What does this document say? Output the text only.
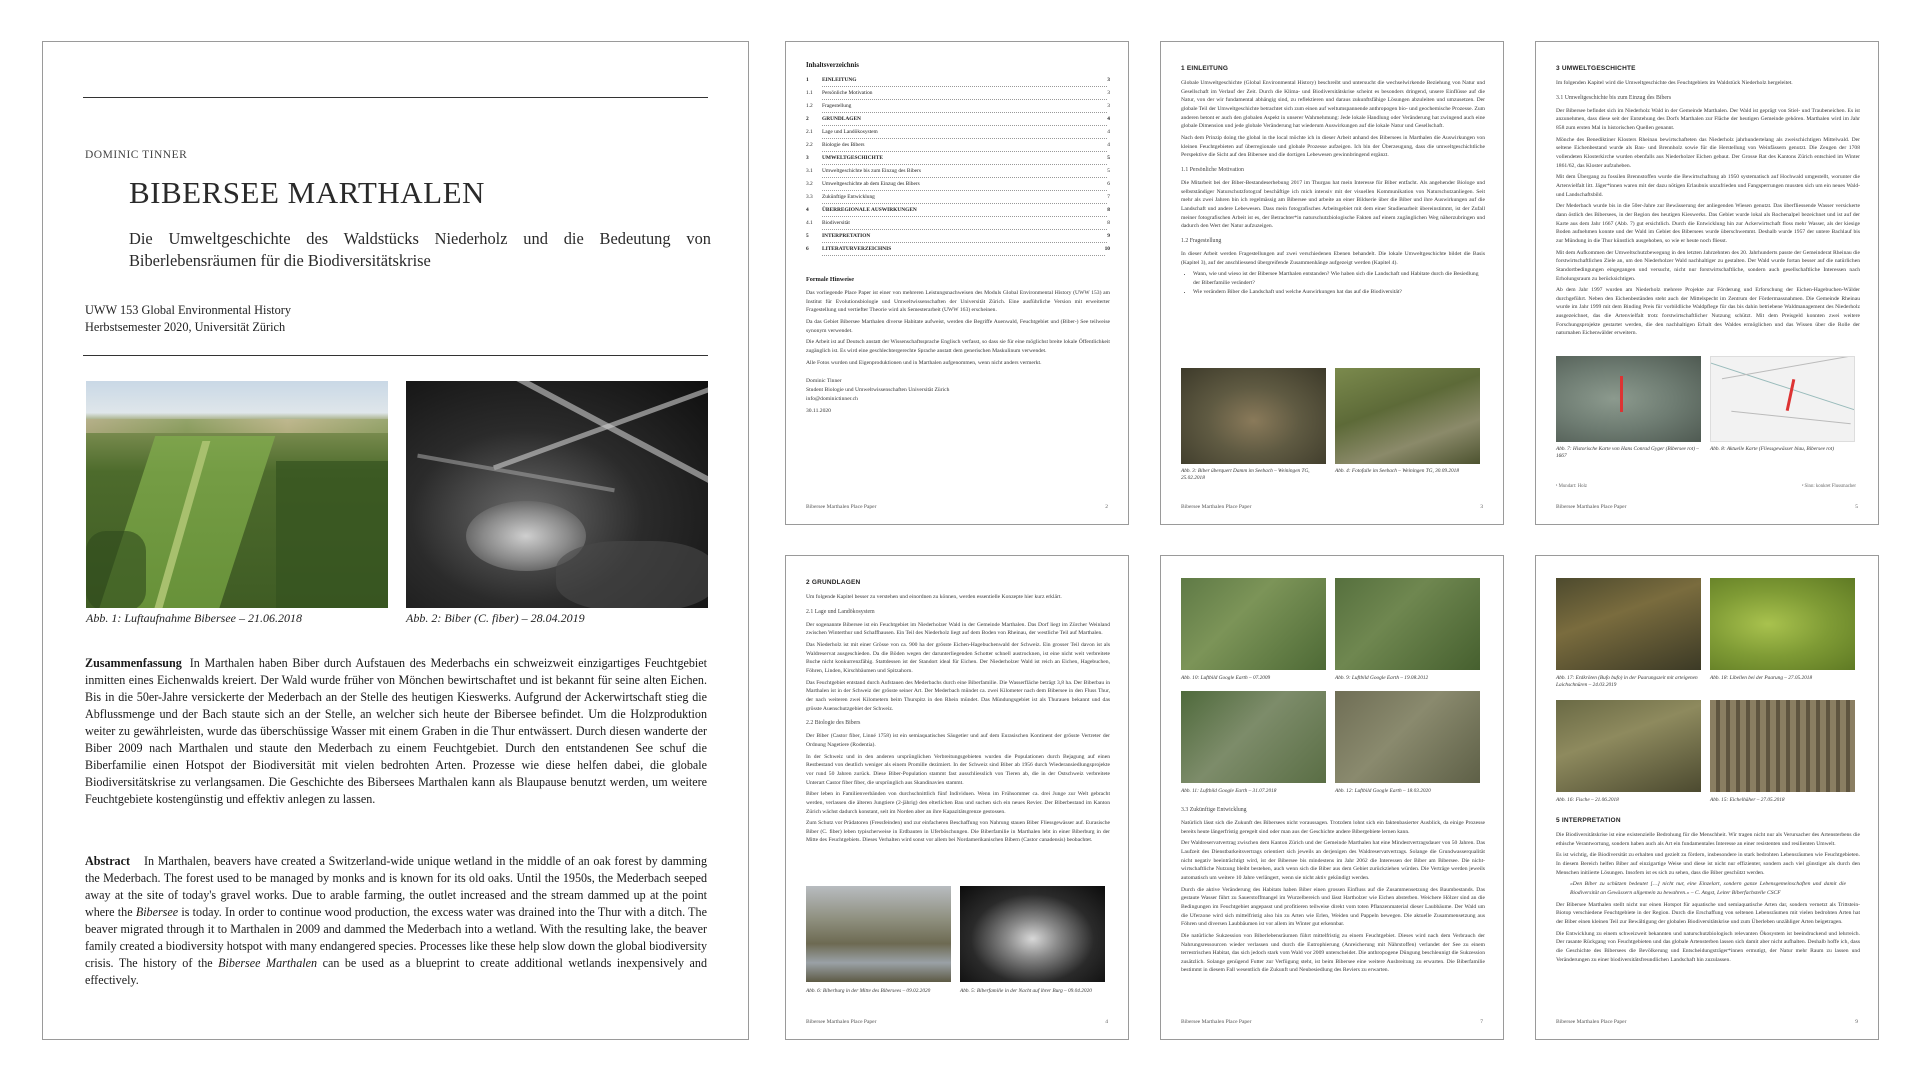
DOMINIC TINNER
BIBERSEE MARTHALEN
Die Umweltgeschichte des Waldstücks Niederholz und die Bedeutung von Biberlebensräumen für die Biodiversitätskrise
UWW 153 Global Environmental History
Herbstsemester 2020, Universität Zürich
Abb. 1: Luftaufnahme Bibersee – 21.06.2018	Abb. 2: Biber (C. fiber) – 28.04.2019
Zusammenfassung In Marthalen haben Biber durch Aufstauen des Mederbachs ein schweizweit einzigartiges Feuchtgebiet inmitten eines Eichenwalds kreiert. Der Wald wurde früher von Mönchen bewirtschaftet und ist bekannt für seine alten Eichen. Bis in die 50er-Jahre versickerte der Mederbach an der Stelle des heutigen Kieswerks. Aufgrund der Ackerwirtschaft stieg die Abflussmenge und der Bach staute sich an der Stelle, an welcher sich heute der Bibersee befindet. Um die Holzproduktion weiter zu gewährleisten, wurde das überschüssige Wasser mit einem Graben in die Thur entwässert. Durch diesen wanderte der Biber 2009 nach Marthalen und staute den Mederbach zu einem Feuchtgebiet. Durch den entstandenen See schuf die Biberfamilie einen Hotspot der Biodiversität mit vielen bedrohten Arten. Prozesse wie diese helfen dabei, die globale Biodiversitätskrise zu verlangsamen. Die Geschichte des Bibersees Marthalen kann als Blaupause benutzt werden, um weitere Feuchtgebiete kostengünstig und effektiv anlegen zu lassen.
Abstract In Marthalen, beavers have created a Switzerland-wide unique wetland in the middle of an oak forest by damming the Mederbach. The forest used to be managed by monks and is known for its old oaks. Until the 1950s, the Mederbach seeped away at the site of today's gravel works. Due to arable farming, the outlet increased and the stream dammed up at the point where the Bibersee is today. In order to continue wood production, the excess water was drained into the Thur with a ditch. The beaver migrated through it to Marthalen in 2009 and dammed the Mederbach into a wetland. With the resulting lake, the beaver family created a biodiversity hotspot with many endangered species. Processes like these help slow down the global biodiversity crisis. The history of the Bibersee Marthalen can be used as a blueprint to create additional wetlands inexpensively and effectively.
Inhaltsverzeichnis
1	EINLEITUNG	3
1.1	Persönliche Motivation	3
1.2	Fragestellung	3
2	GRUNDLAGEN	4
2.1	Lage und Landökosystem	4
2.2	Biologie des Bibers	4
3	UMWELTGESCHICHTE	5
3.1	Umweltgeschichte bis zum Einzug des Bibers	5
3.2	Umweltgeschichte ab dem Einzug des Bibers	6
3.3	Zukünftige Entwicklung	7
4	ÜBERREGIONALE AUSWIRKUNGEN	8
4.1	Biodiversität	8
5	INTERPRETATION	9
6	LITERATURVERZEICHNIS	10
Formale Hinweise

Das vorliegende Place Paper ist einer von mehreren Leistungsnachweisen des Moduls Global Environmental History (UWW 153) am Institut für Evolutionsbiologie und Umweltwissenschaften der Universität Zürich. Eine ausführliche Version mit erweiterter Fragestellung und vertiefter Theorie wird als Semesterarbeit (UWW 163) erscheinen.

Da das Gebiet Bibersee Marthalen diverse Habitate aufweist, werden die Begriffe Auenwald, Feuchtgebiet und (Biber-) See teilweise synonym verwendet.

Die Arbeit ist auf Deutsch anstatt der Wissenschaftssprache Englisch verfasst, so dass sie für eine möglichst breite lokale Öffentlichkeit zugänglich ist. Es wird eine geschlechtergerechte Sprache anstatt dem generischen Maskulinum verwendet.

Alle Fotos wurden und Eigenproduktionen und in Marthalen aufgenommen, wenn nicht anders vermerkt.

Dominic Tinner
Student Biologie und Umweltwissenschaften Universität Zürich
info@dominictinner.ch
30.11.2020
Bibersee Marthalen Place Paper	2
1 EINLEITUNG

Globale Umweltgeschichte (Global Environmental History) beschreibt und untersucht die wechselwirkende Beziehung von Natur und Gesellschaft im Verlauf der Zeit. Durch die Klima- und Biodiversitätskrise scheint es besonders dringend, unsere Einflüsse auf die Natur, von der wir fundamental abhängig sind, zu reflektieren und daraus zukunftsfähige Lösungen abzuleiten und umzusetzen. Der globale Teil der Umweltgeschichte betrachtet sich zum einen auf weltumspannende anthropogen bio- und geochemische Prozesse. Zum anderen betont er auch den globalen Aspekt in unserer Wahrnehmung: Jede lokale Handlung oder Veränderung hat zwingend auch eine globale Dimension und jede globale Veränderung hat wiederum Auswirkungen auf die lokale Natur und Gesellschaft.

Nach dem Prinzip doing the global in the local möchte ich in dieser Arbeit anhand des Bibersees in Marthalen die Auswirkungen von kleinen Feuchtgebieten auf überregionale und globale Prozesse aufzeigen. Ich bin der Überzeugung, dass die umweltgeschichtliche Perspektive die Sicht auf den Bibersee und die dortigen Lebewesen gewinnbringend ergänzt.

1.1 Persönliche Motivation

Die Mitarbeit bei der Biber-Bestandeserhebung 2017 im Thurgau hat mein Interesse für Biber entfacht. Als angehender Biologe und selbstständiger Naturschutzfotograf beschäftige ich mich intensiv mit der visuellen Kommunikation von Naturschutzanliegen. Seit mehr als zwei Jahren bin ich regelmässig am Bibersee und arbeite an einer Bildserie über die Biber und ihre Auswirkungen auf die Landschaft und andere Lebewesen. Dass mein fotografisches Arbeitsgebiet mit dem einer Studienarbeit übereinstimmt, ist der Zufall meiner fotografischen Arbeit ist es, der Betrachter*in naturschutzbiologische Fakten auf einem zugänglichen Weg näherzubringen und dadurch den Wert der Natur aufzuzeigen.

1.2 Fragestellung

In dieser Arbeit werden Fragestellungen auf zwei verschiedenen Ebenen behandelt. Die lokale Umweltgeschichte bildet die Basis (Kapitel 3), auf der anschliessend übergreifende Zusammenhänge aufgezeigt werden (Kapitel 4).

• Wann, wie und wieso ist der Bibersee Marthalen entstanden? Wie haben sich die Landschaft und Habitate durch die Besiedlung der Biberfamilie verändert?
• Wie verändern Biber die Landschaft und welche Auswirkungen hat das auf die Biodiversität?
Abb. 3: Biber überquert Damm im Seebach – Weiningen TG, 25.02.2018
Abb. 4: Fotofalle im Seebach – Weiningen TG, 30.09.2018
Bibersee Marthalen Place Paper	3
3 UMWELTGESCHICHTE

Im folgenden Kapitel wird die Umweltgeschichte des Feuchtgebiets im Waldstück Niederholz hergeleitet.

3.1 Umweltgeschichte bis zum Einzug des Bibers

Der Bibersee befindet sich im Niederholz Wald in der Gemeinde Marthalen. Der Wald ist geprägt von Stiel- und Traubeneichen. Es ist anzunehmen, dass diese seit der Entstehung des Dorfs Marthalen zur Fläche der heutigen Gemeinde gehören. Marthalen wird im Jahr 858 zum ersten Mal in historischen Quellen genannt.

Mönche des Benediktiner Klosters Rheinau bewirtschafteten das Niederholz jahrhundertelang als zweischichtigen Mittelwald. Der seltene Eichenbestand wurde als Bau- und Brennholz sowie für die Herstellung von Weinfässern genutzt. Die Zeugen der 1708 vollendeten Klosterkirche wurden ebenfalls aus Niederholzer Eichen gebaut. Der Grosse Rat des Kantons Zürich entschied im Winter 1861/62, das Kloster aufzuheben.

Mit dem Übergang zu fossilen Brennstoffen wurde die Bewirtschaftung ab 1950 systematisch auf Hochwald umgestellt, worunter die Artenvielfalt litt. Jäger*innen waren mit der dazu nötigen Erlaubnis unzufrieden und Fangsperrungen mussten sich um ein neues Wald- und Landschaftsbild.

Der Mederbach wurde bis in die 50er-Jahre zur Bewässerung der anliegenden Wiesen genutzt. Das überfliessende Wasser versickerte dann östlich des Bibersees, in der Region des heutigen Kieswerks. Das Gebiet wurde lokal als Rochenalpel bezeichnet und ist auf der Karte aus dem Jahr 1667 (Abb. 7) gut ersichtlich. Durch die Entwicklung hin zur Ackerwirtschaft floss mehr Wasser, als der kiesige Boden aufnehmen konnte und der Wald im Gebiet des Bibersees wurde überschwemmt. Deshalb wurde 1957 der untere Bachlauf bis zur Mündung in die Thur künstlich ausgehoben, so wie er heute noch fliesst.

Mit dem Aufkommen der Umweltschutzbewegung in den letzten Jahrzehnten des 20. Jahrhunderts passte der Gemeinderat Rheinau die forstwirtschaftlichen Ziele an, um den Niederholzer Wald nachhaltiger zu gestalten. Der Wald wurde fortan besser auf die natürlichen Standortbedingungen eingegangen und versucht, nicht nur forstwirtschaftliche, sondern auch gesellschaftliche Interessen nach Erholungsraum zu berücksichtigen.

Ab dem Jahr 1997 wurden am Niederholz mehrere Projekte zur Förderung und Erforschung der Eichen-Hagebuchen-Wälder durchgeführt. Neben den Eichenbeständen steht auch der Mittelspecht im Zentrum der Fördermassnahmen. Die Gemeinde Rheinau wurde im Jahr 1999 mit dem Binding Preis für vorbildliche Waldpflege für das bis dahin betriebene Waldmanagement des Niederholz ausgezeichnet, das die Artenvielfalt trotz forstwirtschaftlicher Nutzung schützt. Mit dem Preisgeld konnten zwei weitere Forschungsprojekte gestartet werden, die den nachhaltigen Erhalt des Waldes ermöglichen und das Wissen über die Rolle der naturnahen Eichenwälder erweitern.

Abb. 7: Historische Karte von Hans Conrad Gyger (Bibersee rot) – 1667
Abb. 8: Aktuelle Karte (Fliessgewässer blau, Bibersee rot)
¹ Mundart: Holz	² Sinn: konkret Flussmacher
Bibersee Marthalen Place Paper	5
2 GRUNDLAGEN

Um folgende Kapitel besser zu verstehen und einordnen zu können, werden essentielle Konzepte hier kurz erklärt.

2.1 Lage und Landökosystem

Der sogenannte Bibersee ist ein Feuchtgebiet im Niederholzer Wald in der Gemeinde Marthalen. Das Dorf liegt im Zürcher Weinland zwischen Winterthur und Schaffhausen. Ein Teil des Niederholz liegt auf dem Boden von Rheinau, der westliche Teil auf Marthalen.

Das Niederholz ist mit einer Grösse von ca. 900 ha der grösste Eichen-Hagebuchenwald der Schweiz. Ein grosser Teil davon ist als Waldreservat ausgeschieden. Da die Böden wegen der darunterliegenden Schotter schnell austrocknen, ist eine nicht weit verbreitete Buche nicht konkurrenzfähig. Stattdessen ist der Standort ideal für Eichen. Der Niederholzer Wald ist reich an Eichen, Hagebuchen, Föhren, Linden, Kirschbäumen und Spitzahorn.

Das Feuchtgebiet entstand durch Aufstauen des Mederbachs durch eine Biberfamilie. Die Wasserfläche beträgt 3,8 ha. Der Biberbau in Marthalen ist in der Schweiz der grösste seiner Art. Der Mederbach mündet ca. zwei Kilometer nach dem Bibersee in den Fluss Thur, der nach weiteren zwei Kilometern beim Thurspitz in den Rhein mündet. Das Mündungsgebiet ist als Thurauen bekannt und das grösste Auenschutzgebiet der Schweiz.

2.2 Biologie des Bibers

Der Biber (Castor fiber, Linné 1758) ist ein semiaquatisches Säugetier und auf dem Eurasischen Kontinent der grösste Vertreter der Ordnung Nagetiere (Rodentia).

In der Schweiz und in den anderen ursprünglichen Verbreitungsgebieten wurden die Populationen durch Bejagung auf einen Restbestand von deutlich weniger als einem Promille dezimiert. In der Schweiz sind Biber ab 1956 durch Wiederansiedlungsprojekte vor rund 50 Jahren zurück. Diese Biber-Population stammt fast ausschliesslich von Tieren ab, die in der Ostschweiz verbreitete Unterart Castor fiber fiber, die ursprünglich aus Skandinavien stammt.

Biber leben in Familienverbänden von durchschnittlich fünf Individuen. Wenn im Frühsommer ca. drei Junge zur Welt gebracht werden, verlassen die älteren Jungtiere (2-jährig) den elterlichen Bau und suchen sich ein neues Revier. Der Biberbestand im Kanton Zürich wächst dadurch konstant, seit im Norden aber an ihre Kapazitätsgrenze gestossen.

Zum Schutz vor Prädatoren (Fressfeinden) und zur einfacheren Beschaffung von Nahrung stauen Biber Fliessgewässer auf. Eurasische Biber (C. fiber) leben typischerweise in Erdbauten in Uferböschungen. Die Biberfamilie in Marthalen lebt in einer Biberburg in der Mitte des Feuchtgebiets. Dieses Verhalten wird sonst vor allem bei Nordamerikanischen Bibern (Castor canadensis) beobachtet.

Abb. 6: Biberburg in der Mitte des Bibersees – 09.02.2020	Abb. 5: Biberfamilie in der Nacht auf ihrer Burg – 09.04.2020
Bibersee Marthalen Place Paper	4
Abb. 10: Luftbild Google Earth – 07.2009	Abb. 9: Luftbild Google Earth – 19.08.2012
Abb. 11: Luftbild Google Earth – 31.07.2018	Abb. 12: Luftbild Google Earth – 18.03.2020
3.3 Zukünftige Entwicklung

Natürlich lässt sich die Zukunft des Bibersees nicht voraussagen. Trotzdem lohnt sich ein faktenbasierter Ausblick, da einige Prozesse bereits heute längerfristig geregelt sind oder man aus der Geschichte andere Bibergebiete lernen kann.

Der Waldreservatvertrag zwischen dem Kanton Zürich und der Gemeinde Marthalen hat eine Mindestvertragsdauer von 50 Jahren. Das Laufzeit des Dienstbarkeitsvertrags orientiert sich jeweils an derjenigen des Waldreservatvertrags. Solange die Grundwasserqualität nicht negativ beeinträchtigt wird, ist der Bibersee bis mindestens im Jahr 2062 die Interessen der Biber am Bibersee. Die nicht-wirtschaftliche Nutzung bleibt bestehen, auch wenn sich die Biber aus dem Gebiet zurückziehen würden. Die Verträge werden jeweils automatisch um weitere 10 Jahre verlängert, wenn sie nicht aktiv gekündigt werden.

Durch die aktive Veränderung des Habitats haben Biber einen grossen Einfluss auf die Zusammensetzung des Baumbestands. Das gestaute Wasser führt zu Sauerstoffmangel im Wurzelbereich und lässt Hartholzer wie Eichen absterben. Weichere Hölzer sind an die Bedingungen im Feuchtgebiet angepasst und profitieren teilweise direkt vom toten Pflanzenmaterial dieser Laubbäume. Der Wald um die Uferzone wird sich mittelfristig also hin zu Arten wie Erlen, Weiden und Pappeln bewegen. Die aktuelle Zusammensetzung aus Föhren und diversen Laubbäumen ist vor allem im Winter gut erkennbar.

Die natürliche Sukzession von Biberlebensräumen führt mittelfristig zu einem Feuchtgebiet. Dieses wird nach dem Verbrauch der Nahrungsressourcen wieder verlassen und durch die Eutrophierung (Anreicherung mit Nährstoffen) verlandet der See zu einem terrestrischen Habitat, das sich jedoch stark vom Wald vor 2009 unterscheidet. Die anthropogene Düngung beschleunigt die Sukzession zusätzlich. Solange genügend Futter zur Verfügung steht, ist beim Bibersee eine weitere Ausbreitung zu erwarten. Die Biberfamilie bestimmt in diesem Fall wesentlich die Zukunft und Neubesiedlung des Reviers zu erwarten.

Bibersee Marthalen Place Paper	7
Abb. 17: Erdkröten (Bufo bufo) in der Paarungszeit mit arteigenen Laichschnüren – 24.03.2019
Abb. 18: Libellen bei der Paarung – 27.05.2018
Abb. 16: Fische – 21.06.2018	Abb. 15: Eichelhäher – 27.05.2018
5 INTERPRETATION

Die Biodiversitätskrise ist eine existenzielle Bedrohung für die Menschheit. Wir tragen nicht nur als Verursacher des Artensterbens die ethische Verantwortung, sondern haben auch als Art ein fundamentales Interesse an einer resistenten und resilienten Umwelt.

Es ist wichtig, die Biodiversität zu erhalten und gezielt zu fördern, insbesondere in stark bedrohten Lebensräumen wie Feuchtgebieten. In diesem Bereich helfen Biber auf einzigartige Weise und diese ist nicht nur effizienter, sondern auch viel günstiger als durch den Menschen initiierte Lösungen. Insofern ist es sich zu sehen, dass die Biber geschützt werden.

«Den Biber zu schützen bedeutet […] nicht nur, eine Einzelart, sondern ganze Lebensgemeinschaften und damit die Biodiversität an Gewässern allgemein zu bewahren.» – C. Angst, Leiter Biberfachstelle CSCF

Der Bibersee Marthalen stellt nicht nur einen Hotspot für aquatische und semiaquatische Arten dar, sondern vernetzt als Trittstein-Biotop verschiedene Feuchtgebiete in der Region. Durch die Erschaffung von seltenen Lebensräumen mit vielen bedrohten Arten hat der Biber einen kleinen Teil zur Bewältigung der globalen Biodiversitätskrise und zum Überleben unzähliger Arten beigetragen.

Die Entwicklung zu einem schweizweit bekannten und naturschutzbiologisch relevanten Ökosystem ist beeindruckend und lehrreich. Der rasante Rückgang von Feuchtgebieten und das globale Artensterben lassen sich damit aber nicht aufhalten. Deshalb hoffe ich, dass die Geschichte des Bibersees die Bevölkerung und Entscheidungsträger*innen ermutigt, der Natur mehr Raum zu lassen und Veränderungen zu einer biodiversitätsfreundlichen Landschaft hin zuzulassen.

Bibersee Marthalen Place Paper	9
